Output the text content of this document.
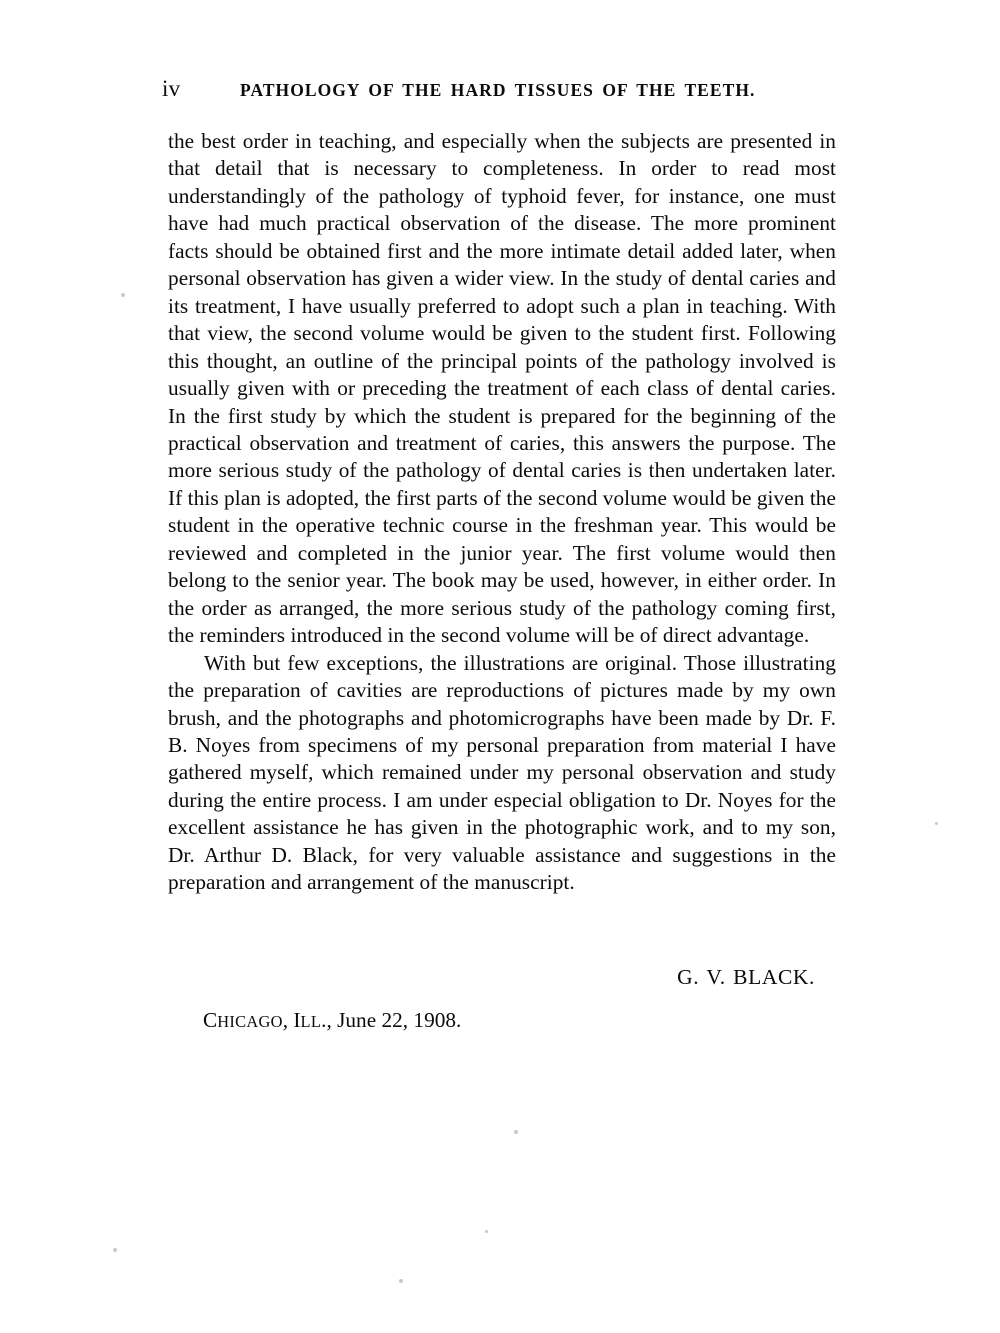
iv	PATHOLOGY OF THE HARD TISSUES OF THE TEETH.

the best order in teaching, and especially when the subjects are presented in that detail that is necessary to completeness. In order to read most understandingly of the pathology of typhoid fever, for instance, one must have had much practical observation of the disease. The more prominent facts should be obtained first and the more intimate detail added later, when personal observation has given a wider view. In the study of dental caries and its treatment, I have usually preferred to adopt such a plan in teaching. With that view, the second volume would be given to the student first. Following this thought, an outline of the principal points of the pathology involved is usually given with or preceding the treatment of each class of dental caries. In the first study by which the student is prepared for the beginning of the practical observation and treatment of caries, this answers the purpose. The more serious study of the pathology of dental caries is then undertaken later. If this plan is adopted, the first parts of the second volume would be given the student in the operative technic course in the freshman year. This would be reviewed and completed in the junior year. The first volume would then belong to the senior year. The book may be used, however, in either order. In the order as arranged, the more serious study of the pathology coming first, the reminders introduced in the second volume will be of direct advantage.

With but few exceptions, the illustrations are original. Those illustrating the preparation of cavities are reproductions of pictures made by my own brush, and the photographs and photomicrographs have been made by Dr. F. B. Noyes from specimens of my personal preparation from material I have gathered myself, which remained under my personal observation and study during the entire process. I am under especial obligation to Dr. Noyes for the excellent assistance he has given in the photographic work, and to my son, Dr. Arthur D. Black, for very valuable assistance and suggestions in the preparation and arrangement of the manuscript.

G. V. BLACK.
CHICAGO, ILL., June 22, 1908.
